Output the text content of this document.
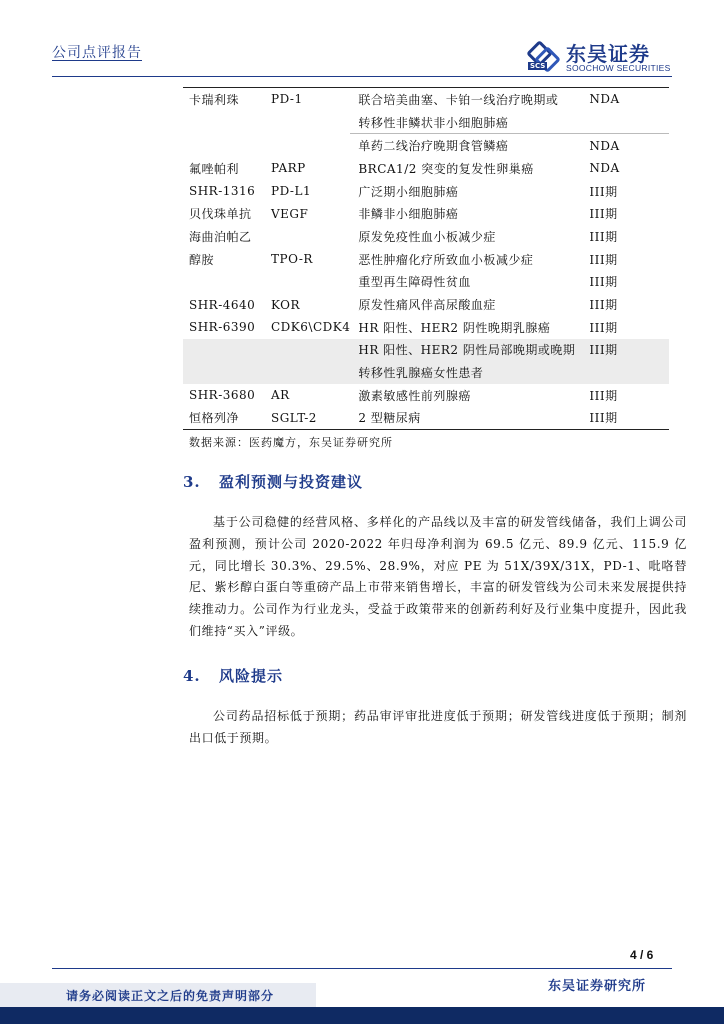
公司点评报告
SCS 东吴证券
SOOCHOW SECURITIES
卡瑞利珠	PD-1	联合培美曲塞、卡铂一线治疗晚期或	NDA
		转移性非鳞状非小细胞肺癌	
		单药二线治疗晚期食管鳞癌	NDA
氟唑帕利	PARP	BRCA1/2 突变的复发性卵巢癌	NDA
SHR-1316	PD-L1	广泛期小细胞肺癌	III期
贝伐珠单抗	VEGF	非鳞非小细胞肺癌	III期
海曲泊帕乙		原发免疫性血小板减少症	III期
醇胺	TPO-R	恶性肿瘤化疗所致血小板减少症	III期
		重型再生障碍性贫血	III期
SHR-4640	KOR	原发性痛风伴高尿酸血症	III期
SHR-6390	CDK6\CDK4	HR 阳性、HER2 阴性晚期乳腺癌	III期
		HR 阳性、HER2 阴性局部晚期或晚期	III期
		转移性乳腺癌女性患者	
SHR-3680	AR	激素敏感性前列腺癌	III期
恒格列净	SGLT-2	2 型糖尿病	III期
数据来源：医药魔方，东吴证券研究所
3. 盈利预测与投资建议

基于公司稳健的经营风格、多样化的产品线以及丰富的研发管线储备，我们上调公司盈利预测，预计公司 2020-2022 年归母净利润为 69.5 亿元、89.9 亿元、115.9 亿元，同比增长 30.3%、29.5%、28.9%，对应 PE 为 51X/39X/31X，PD-1、吡咯替尼、紫杉醇白蛋白等重磅产品上市带来销售增长，丰富的研发管线为公司未来发展提供持续推动力。公司作为行业龙头，受益于政策带来的创新药利好及行业集中度提升，因此我们维持“买入”评级。

4. 风险提示

公司药品招标低于预期；药品审评审批进度低于预期；研发管线进度低于预期；制剂出口低于预期。

4 / 6
请务必阅读正文之后的免责声明部分
东吴证券研究所
